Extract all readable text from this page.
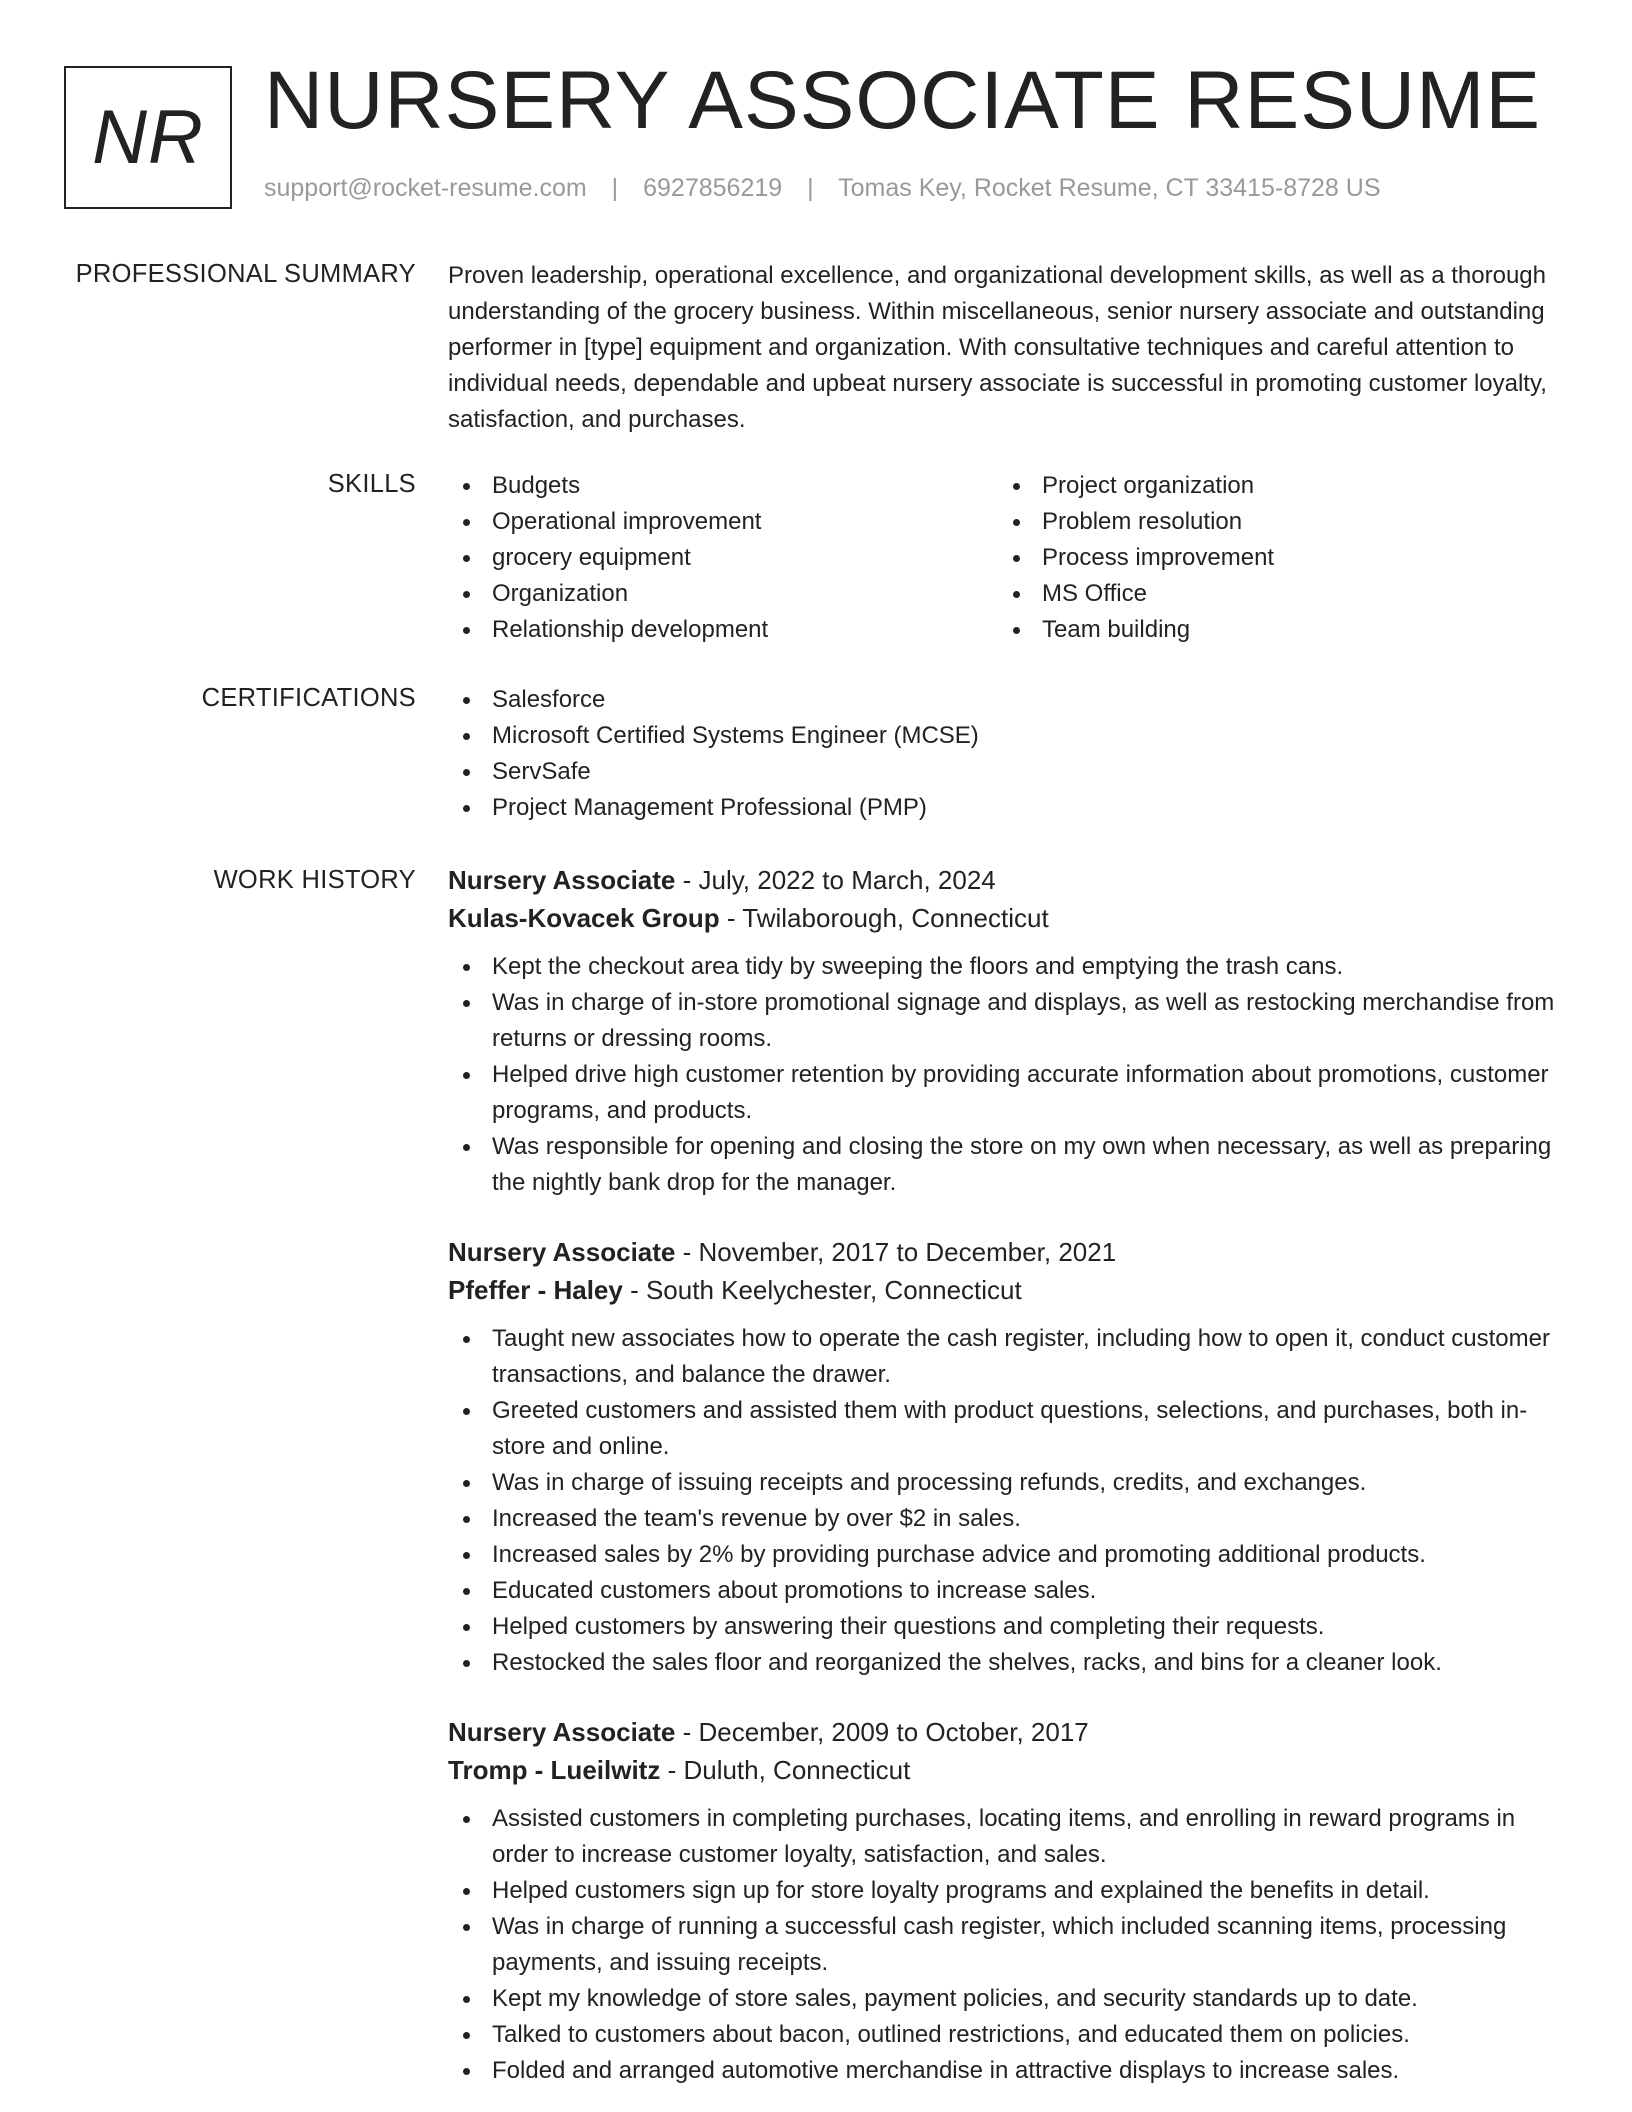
NR NURSERY ASSOCIATE RESUME
support@rocket-resume.com | 6927856219 | Tomas Key, Rocket Resume, CT 33415-8728 US
PROFESSIONAL SUMMARY Proven leadership, operational excellence, and organizational development skills, as well as a thorough understanding of the grocery business. Within miscellaneous, senior nursery associate and outstanding performer in [type] equipment and organization. With consultative techniques and careful attention to individual needs, dependable and upbeat nursery associate is successful in promoting customer loyalty, satisfaction, and purchases.

SKILLS	Budgets
Operational improvement
grocery equipment
Organization
Relationship development
Project organization
Problem resolution
Process improvement
MS Office
Team building
CERTIFICATIONS	Salesforce
Microsoft Certified Systems Engineer (MCSE)
ServSafe
Project Management Professional (PMP)
WORK HISTORY Nursery Associate - July, 2022 to March, 2024
Kulas-Kovacek Group - Twilaborough, Connecticut
Kept the checkout area tidy by sweeping the floors and emptying the trash cans.
Was in charge of in-store promotional signage and displays, as well as restocking merchandise from returns or dressing rooms.
Helped drive high customer retention by providing accurate information about promotions, customer programs, and products.
Was responsible for opening and closing the store on my own when necessary, as well as preparing the nightly bank drop for the manager.
Nursery Associate - November, 2017 to December, 2021
Pfeffer - Haley - South Keelychester, Connecticut
Taught new associates how to operate the cash register, including how to open it, conduct customer transactions, and balance the drawer.
Greeted customers and assisted them with product questions, selections, and purchases, both in-store and online.
Was in charge of issuing receipts and processing refunds, credits, and exchanges.
Increased the team's revenue by over $2 in sales.
Increased sales by 2% by providing purchase advice and promoting additional products.
Educated customers about promotions to increase sales.
Helped customers by answering their questions and completing their requests.
Restocked the sales floor and reorganized the shelves, racks, and bins for a cleaner look.
Nursery Associate - December, 2009 to October, 2017
Tromp - Lueilwitz - Duluth, Connecticut
Assisted customers in completing purchases, locating items, and enrolling in reward programs in order to increase customer loyalty, satisfaction, and sales.
Helped customers sign up for store loyalty programs and explained the benefits in detail.
Was in charge of running a successful cash register, which included scanning items, processing payments, and issuing receipts.
Kept my knowledge of store sales, payment policies, and security standards up to date.
Talked to customers about bacon, outlined restrictions, and educated them on policies.
Folded and arranged automotive merchandise in attractive displays to increase sales.
